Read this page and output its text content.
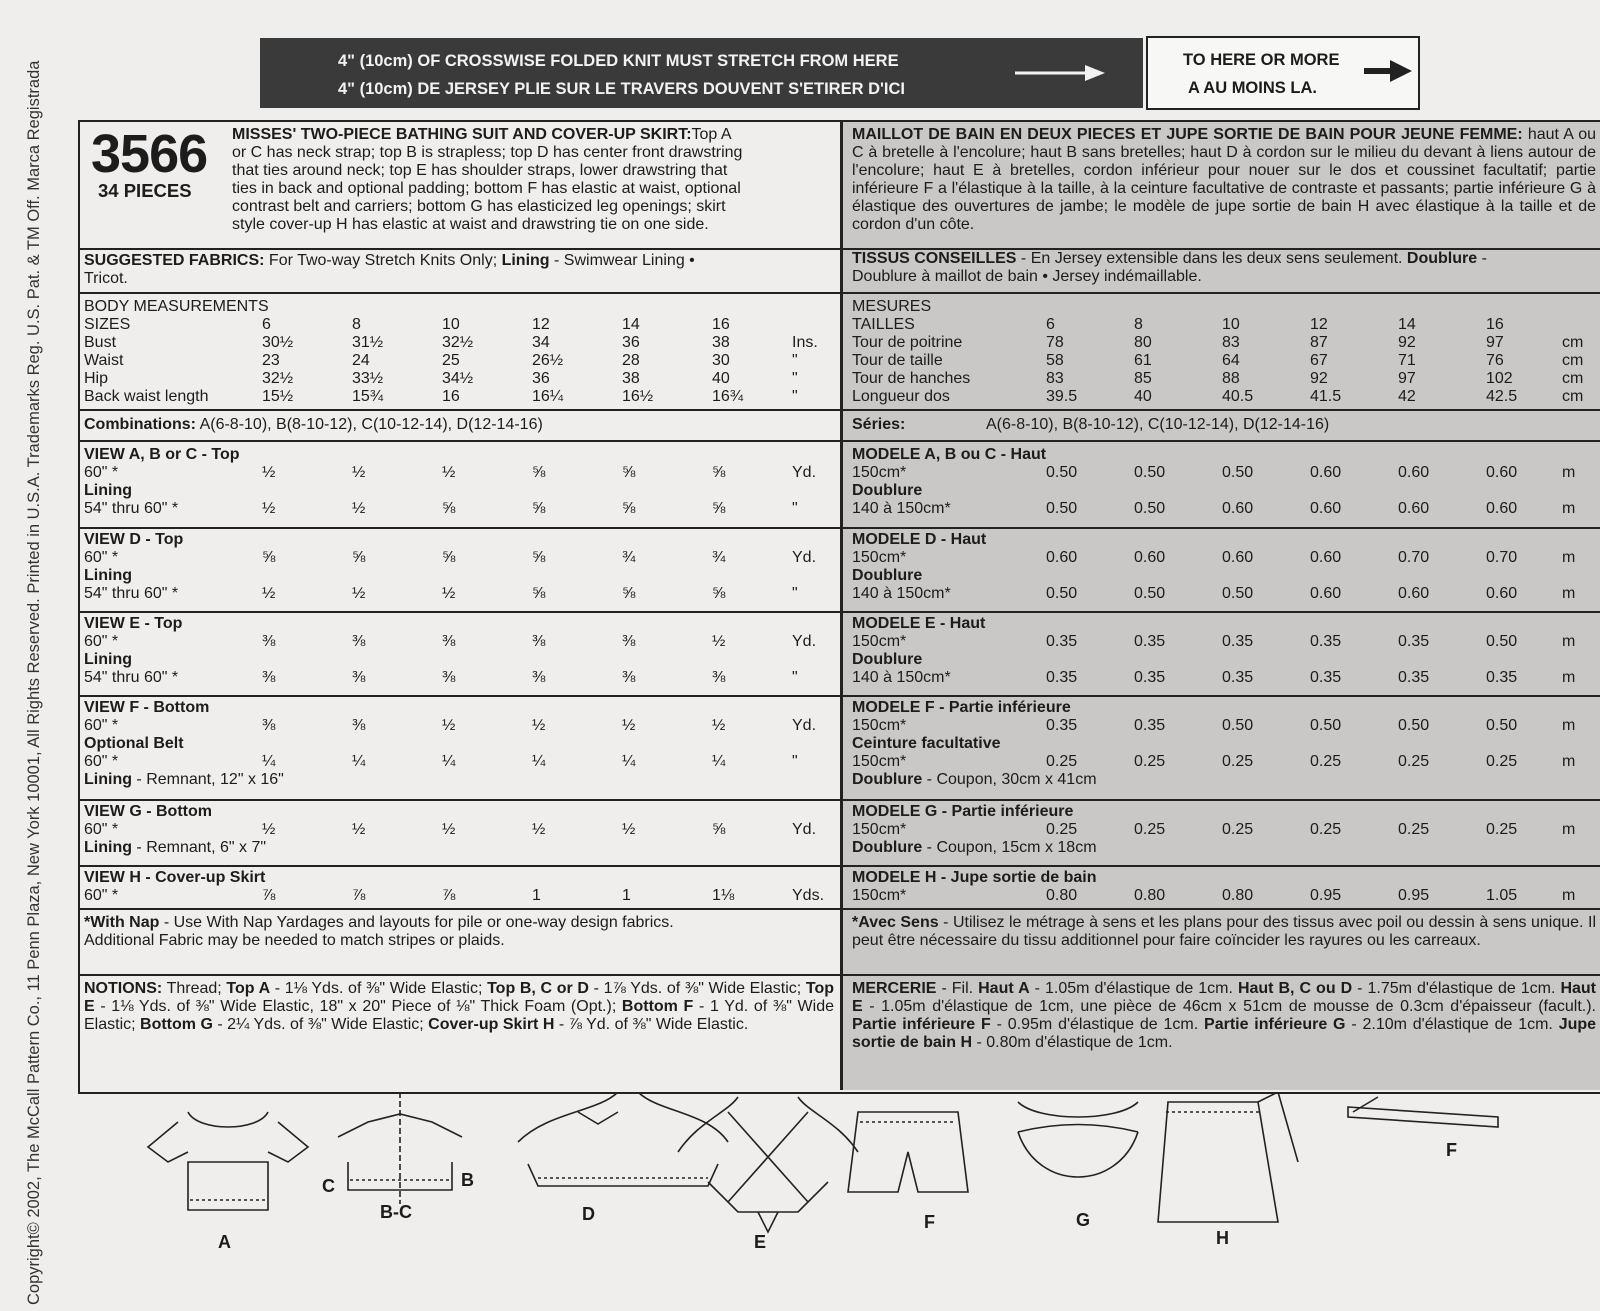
Copyright© 2002, The McCall Pattern Co., 11 Penn Plaza, New York 10001, All Rights Reserved. Printed in U.S.A. Trademarks Reg. U.S. Pat. & TM Off. Marca Registrada	4" (10cm) OF CROSSWISE FOLDED KNIT MUST STRETCH FROM HERE
4" (10cm) DE JERSEY PLIE SUR LE TRAVERS DOUVENT S'ETIRER D'ICI
TO HERE OR MORE
A AU MOINS LA.
3566
34 PIECES
MISSES' TWO-PIECE BATHING SUIT AND COVER-UP SKIRT:Top A
or C has neck strap; top B is strapless; top D has center front drawstring
that ties around neck; top E has shoulder straps, lower drawstring that
ties in back and optional padding; bottom F has elastic at waist, optional
contrast belt and carriers; bottom G has elasticized leg openings; skirt
style cover-up H has elastic at waist and drawstring tie on one side.
SUGGESTED FABRICS: For Two-way Stretch Knits Only; Lining - Swimwear Lining •
Tricot.
BODY MEASUREMENTS
SIZES	6	8	10	12	14	16
Bust	30½	31½	32½	34	36	38	Ins.
Waist	23	24	25	26½	28	30	"
Hip	32½	33½	34½	36	38	40	"
Back waist length	15½	15¾	16	16¼	16½	16¾	"
Combinations: A(6-8-10), B(8-10-12), C(10-12-14), D(12-14-16)
MAILLOT DE BAIN EN DEUX PIECES ET JUPE SORTIE DE BAIN POUR JEUNE FEMME: haut A ou C à bretelle à l'encolure; haut B sans bretelles; haut D à cordon sur le milieu du devant à liens autour de l'encolure; haut E à bretelles, cordon inférieur pour nouer sur le dos et coussinet facultatif; partie inférieure F a l'élastique à la taille, à la ceinture facultative de contraste et passants; partie inférieure G à élastique des ouvertures de jambe; le modèle de jupe sortie de bain H avec élastique à la taille et de cordon d'un côte.
TISSUS CONSEILLES - En Jersey extensible dans les deux sens seulement. Doublure -
Doublure à maillot de bain • Jersey indémaillable.
MESURES
TAILLES	6	8	10	12	14	16
Tour de poitrine	78	80	83	87	92	97	cm
Tour de taille	58	61	64	67	71	76	cm
Tour de hanches	83	85	88	92	97	102	cm
Longueur dos	39.5	40	40.5	41.5	42	42.5	cm
Séries:	A(6-8-10), B(8-10-12), C(10-12-14), D(12-14-16)
VIEW A, B or C - Top
60" *	½	½	½	⅝	⅝	⅝	Yd.
Lining
54" thru 60" *	½	½	⅝	⅝	⅝	⅝	"
VIEW D - Top
60" *	⅝	⅝	⅝	⅝	¾	¾	Yd.
Lining
54" thru 60" *	½	½	½	⅝	⅝	⅝	"
VIEW E - Top
60" *	⅜	⅜	⅜	⅜	⅜	½	Yd.
Lining
54" thru 60" *	⅜	⅜	⅜	⅜	⅜	⅜	"
VIEW F - Bottom
60" *	⅜	⅜	½	½	½	½	Yd.
Optional Belt
60" *	¼	¼	¼	¼	¼	¼	"
Lining - Remnant, 12" x 16"
VIEW G - Bottom
60" *	½	½	½	½	½	⅝	Yd.
Lining - Remnant, 6" x 7"
VIEW H - Cover-up Skirt
60" *	⅞	⅞	⅞	1	1	1⅛	Yds.
MODELE A, B ou C - Haut
150cm*	0.50	0.50	0.50	0.60	0.60	0.60	m
Doublure
140 à 150cm*	0.50	0.50	0.60	0.60	0.60	0.60	m
MODELE D - Haut
150cm*	0.60	0.60	0.60	0.60	0.70	0.70	m
Doublure
140 à 150cm*	0.50	0.50	0.50	0.60	0.60	0.60	m
MODELE E - Haut
150cm*	0.35	0.35	0.35	0.35	0.35	0.50	m
Doublure
140 à 150cm*	0.35	0.35	0.35	0.35	0.35	0.35	m
MODELE F - Partie inférieure
150cm*	0.35	0.35	0.50	0.50	0.50	0.50	m
Ceinture facultative
150cm*	0.25	0.25	0.25	0.25	0.25	0.25	m
Doublure - Coupon, 30cm x 41cm
MODELE G - Partie inférieure
150cm*	0.25	0.25	0.25	0.25	0.25	0.25	m
Doublure - Coupon, 15cm x 18cm
MODELE H - Jupe sortie de bain
150cm*	0.80	0.80	0.80	0.95	0.95	1.05	m
*With Nap - Use With Nap Yardages and layouts for pile or one-way design fabrics.
Additional Fabric may be needed to match stripes or plaids.
*Avec Sens - Utilisez le métrage à sens et les plans pour des tissus avec poil ou dessin à sens unique. Il peut être nécessaire du tissu additionnel pour faire coïncider les rayures ou les carreaux.
NOTIONS: Thread; Top A - 1⅛ Yds. of ⅜" Wide Elastic; Top B, C or D - 1⅞ Yds. of ⅜" Wide Elastic; Top E - 1⅛ Yds. of ⅜" Wide Elastic, 18" x 20" Piece of ⅛" Thick Foam (Opt.); Bottom F - 1 Yd. of ⅜" Wide Elastic; Bottom G - 2¼ Yds. of ⅜" Wide Elastic; Cover-up Skirt H - ⅞ Yd. of ⅜" Wide Elastic.
MERCERIE - Fil. Haut A - 1.05m d'élastique de 1cm. Haut B, C ou D - 1.75m d'élastique de 1cm. Haut E - 1.05m d'élastique de 1cm, une pièce de 46cm x 51cm de mousse de 0.3cm d'épaisseur (facult.). Partie inférieure F - 0.95m d'élastique de 1cm. Partie inférieure G - 2.10m d'élastique de 1cm. Jupe sortie de bain H - 0.80m d'élastique de 1cm.
A
C	B
B-C	D
E
F	G
H
F
